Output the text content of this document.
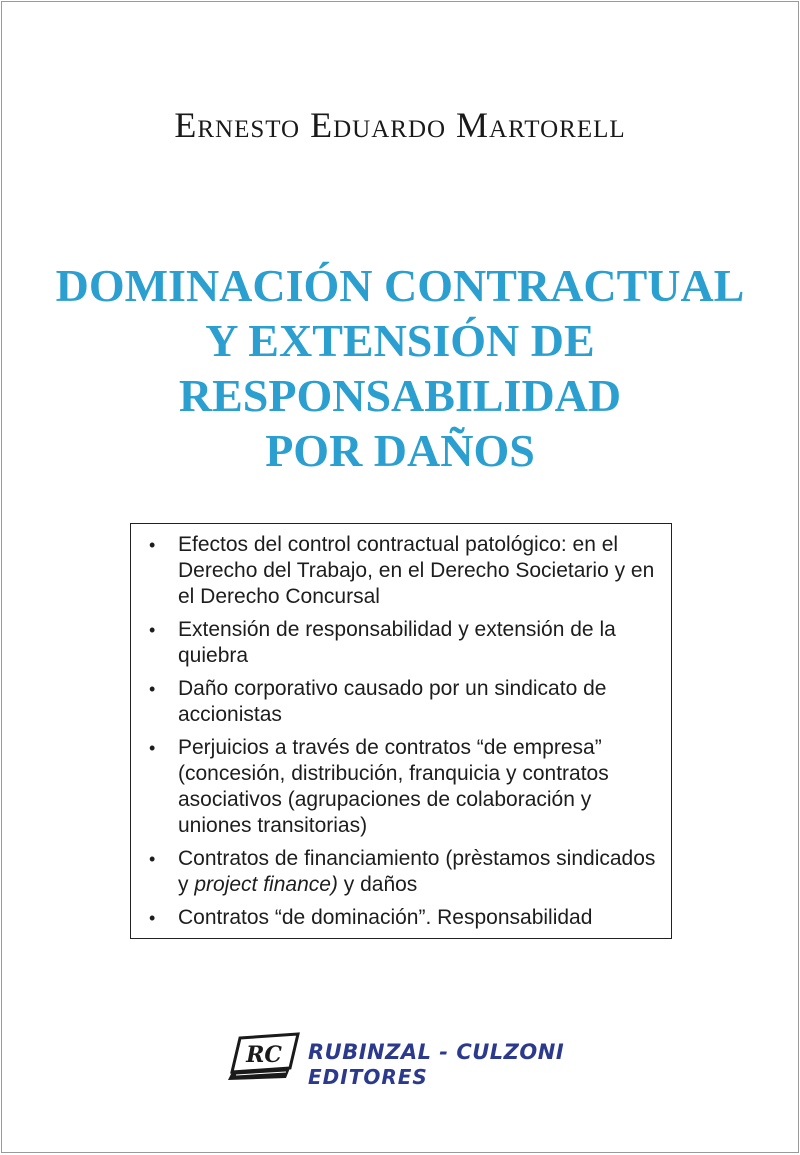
Ernesto Eduardo Martorell
DOMINACIÓN CONTRACTUAL
Y EXTENSIÓN DE
RESPONSABILIDAD
POR DAÑOS
• Efectos del control contractual patológico: en el Derecho del Trabajo, en el Derecho Societario y en el Derecho Concursal
• Extensión de responsabilidad y extensión de la quiebra
• Daño corporativo causado por un sindicato de accionistas
• Perjuicios a través de contratos “de empresa” (concesión, distribución, franquicia y contratos asociativos (agrupaciones de colaboración y uniones transitorias)
• Contratos de financiamiento (prèstamos sindicados y project finance) y daños
• Contratos “de dominación”. Responsabilidad
RC RUBINZAL - CULZONI
EDITORES
